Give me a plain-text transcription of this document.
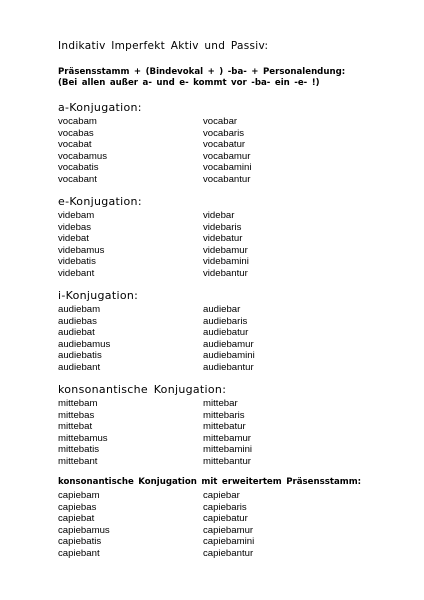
Indikativ Imperfekt Aktiv und Passiv:
Präsensstamm + (Bindevokal + ) -ba- + Personalendung:
(Bei allen außer a- und e- kommt vor -ba- ein -e- !)
a-Konjugation:
vocabam	vocabar
vocabas	vocabaris
vocabat	vocabatur
vocabamus	vocabamur
vocabatis	vocabamini
vocabant	vocabantur
e-Konjugation:
videbam	videbar
videbas	videbaris
videbat	videbatur
videbamus	videbamur
videbatis	videbamini
videbant	videbantur
i-Konjugation:
audiebam	audiebar
audiebas	audiebaris
audiebat	audiebatur
audiebamus	audiebamur
audiebatis	audiebamini
audiebant	audiebantur
konsonantische Konjugation:
mittebam	mittebar
mittebas	mittebaris
mittebat	mittebatur
mittebamus	mittebamur
mittebatis	mittebamini
mittebant	mittebantur
konsonantische Konjugation mit erweitertem Präsensstamm:
capiebam	capiebar
capiebas	capiebaris
capiebat	capiebatur
capiebamus	capiebamur
capiebatis	capiebamini
capiebant	capiebantur
